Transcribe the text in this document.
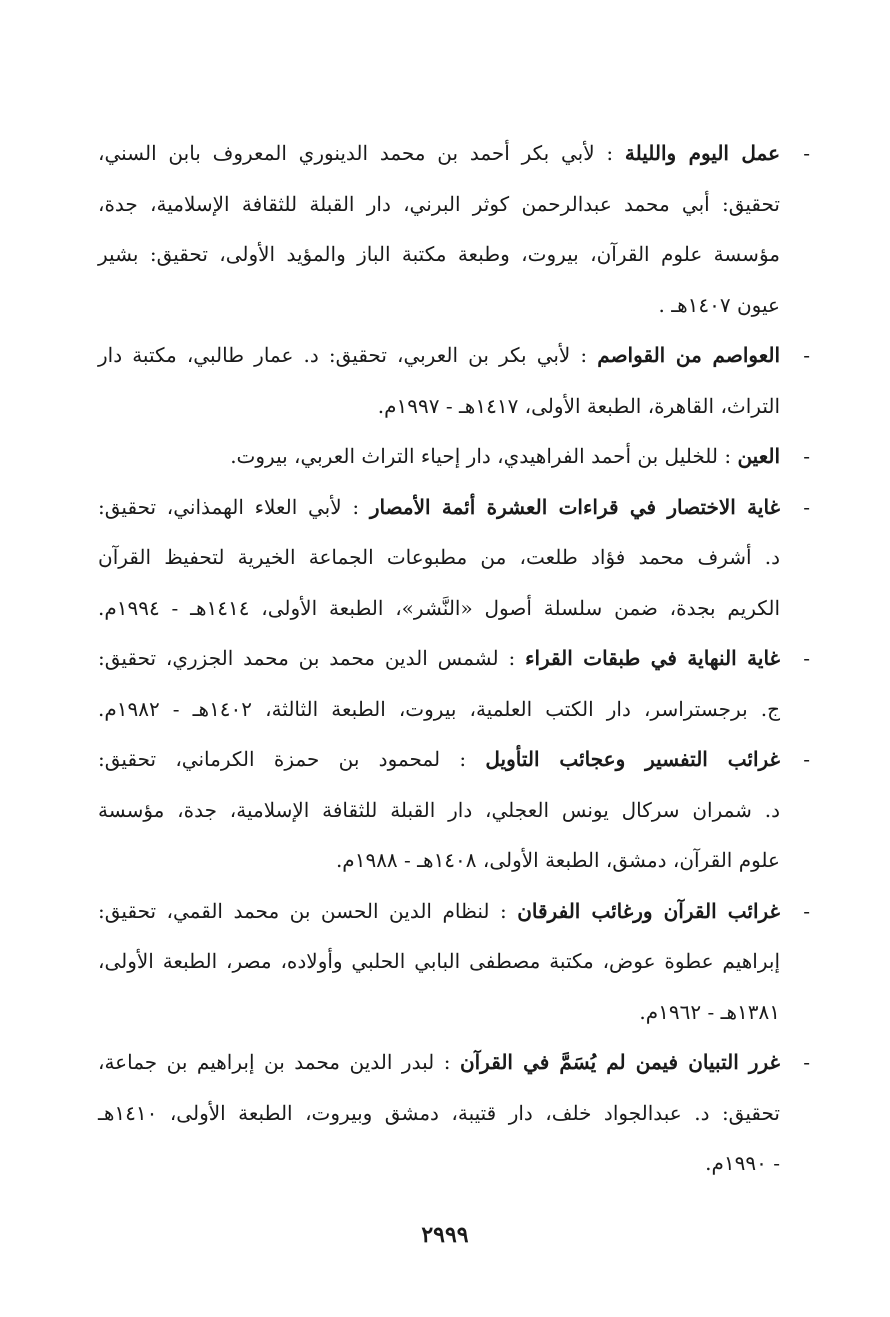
-
عمل اليوم والليلة : لأبي بكر أحمد بن محمد الدينوري المعروف بابن السني،
تحقيق: أبي محمد عبدالرحمن كوثر البرني، دار القبلة للثقافة الإسلامية، جدة،
مؤسسة علوم القرآن، بيروت، وطبعة مكتبة الباز والمؤيد الأولى، تحقيق: بشير
عيون ١٤٠٧هـ .
-
العواصم من القواصم : لأبي بكر بن العربي، تحقيق: د. عمار طالبي، مكتبة دار
التراث، القاهرة، الطبعة الأولى، ١٤١٧هـ - ١٩٩٧م.
-
العين : للخليل بن أحمد الفراهيدي، دار إحياء التراث العربي، بيروت.
-
غاية الاختصار في قراءات العشرة أئمة الأمصار : لأبي العلاء الهمذاني، تحقيق:
د. أشرف محمد فؤاد طلعت، من مطبوعات الجماعة الخيرية لتحفيظ القرآن
الكريم بجدة، ضمن سلسلة أصول «النَّشر»، الطبعة الأولى، ١٤١٤هـ - ١٩٩٤م.
-
غاية النهاية في طبقات القراء : لشمس الدين محمد بن محمد الجزري، تحقيق:
ج. برجستراسر، دار الكتب العلمية، بيروت، الطبعة الثالثة، ١٤٠٢هـ - ١٩٨٢م.
-
غرائب التفسير وعجائب التأويل : لمحمود بن حمزة الكرماني، تحقيق:
د. شمران سركال يونس العجلي، دار القبلة للثقافة الإسلامية، جدة، مؤسسة
علوم القرآن، دمشق، الطبعة الأولى، ١٤٠٨هـ - ١٩٨٨م.
-
غرائب القرآن ورغائب الفرقان : لنظام الدين الحسن بن محمد القمي، تحقيق:
إبراهيم عطوة عوض، مكتبة مصطفى البابي الحلبي وأولاده، مصر، الطبعة الأولى،
١٣٨١هـ - ١٩٦٢م.
-
غرر التبيان فيمن لم يُسَمَّ في القرآن : لبدر الدين محمد بن إبراهيم بن جماعة،
تحقيق: د. عبدالجواد خلف، دار قتيبة، دمشق وبيروت، الطبعة الأولى، ١٤١٠هـ
- ١٩٩٠م.
٢٩٩٩
